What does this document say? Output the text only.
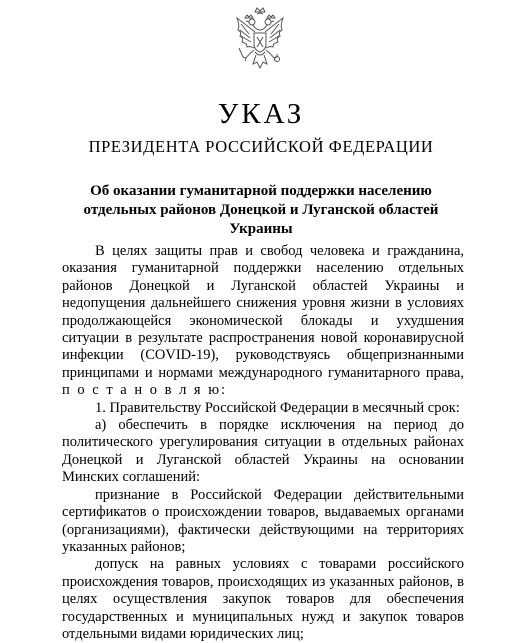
УКАЗ
ПРЕЗИДЕНТА РОССИЙСКОЙ ФЕДЕРАЦИИ
Об оказании гуманитарной поддержки населению
отдельных районов Донецкой и Луганской областей
Украины

В целях защиты прав и свобод человека и гражданина, оказания гуманитарной поддержки населению отдельных районов Донецкой и Луганской областей Украины и недопущения дальнейшего снижения уровня жизни в условиях продолжающейся экономической блокады и ухудшения ситуации в результате распространения новой коронавирусной инфекции (COVID-19), руководствуясь общепризнанными принципами и нормами международного гуманитарного права, п о с т а н о в л я ю:

1. Правительству Российской Федерации в месячный срок:

а) обеспечить в порядке исключения на период до политического урегулирования ситуации в отдельных районах Донецкой и Луганской областей Украины на основании Минских соглашений:

признание в Российской Федерации действительными сертификатов о происхождении товаров, выдаваемых органами (организациями), фактически действующими на территориях указанных районов;

допуск на равных условиях с товарами российского происхождения товаров, происходящих из указанных районов, в целях осуществления закупок товаров для обеспечения государственных и муниципальных нужд и закупок товаров отдельными видами юридических лиц;
